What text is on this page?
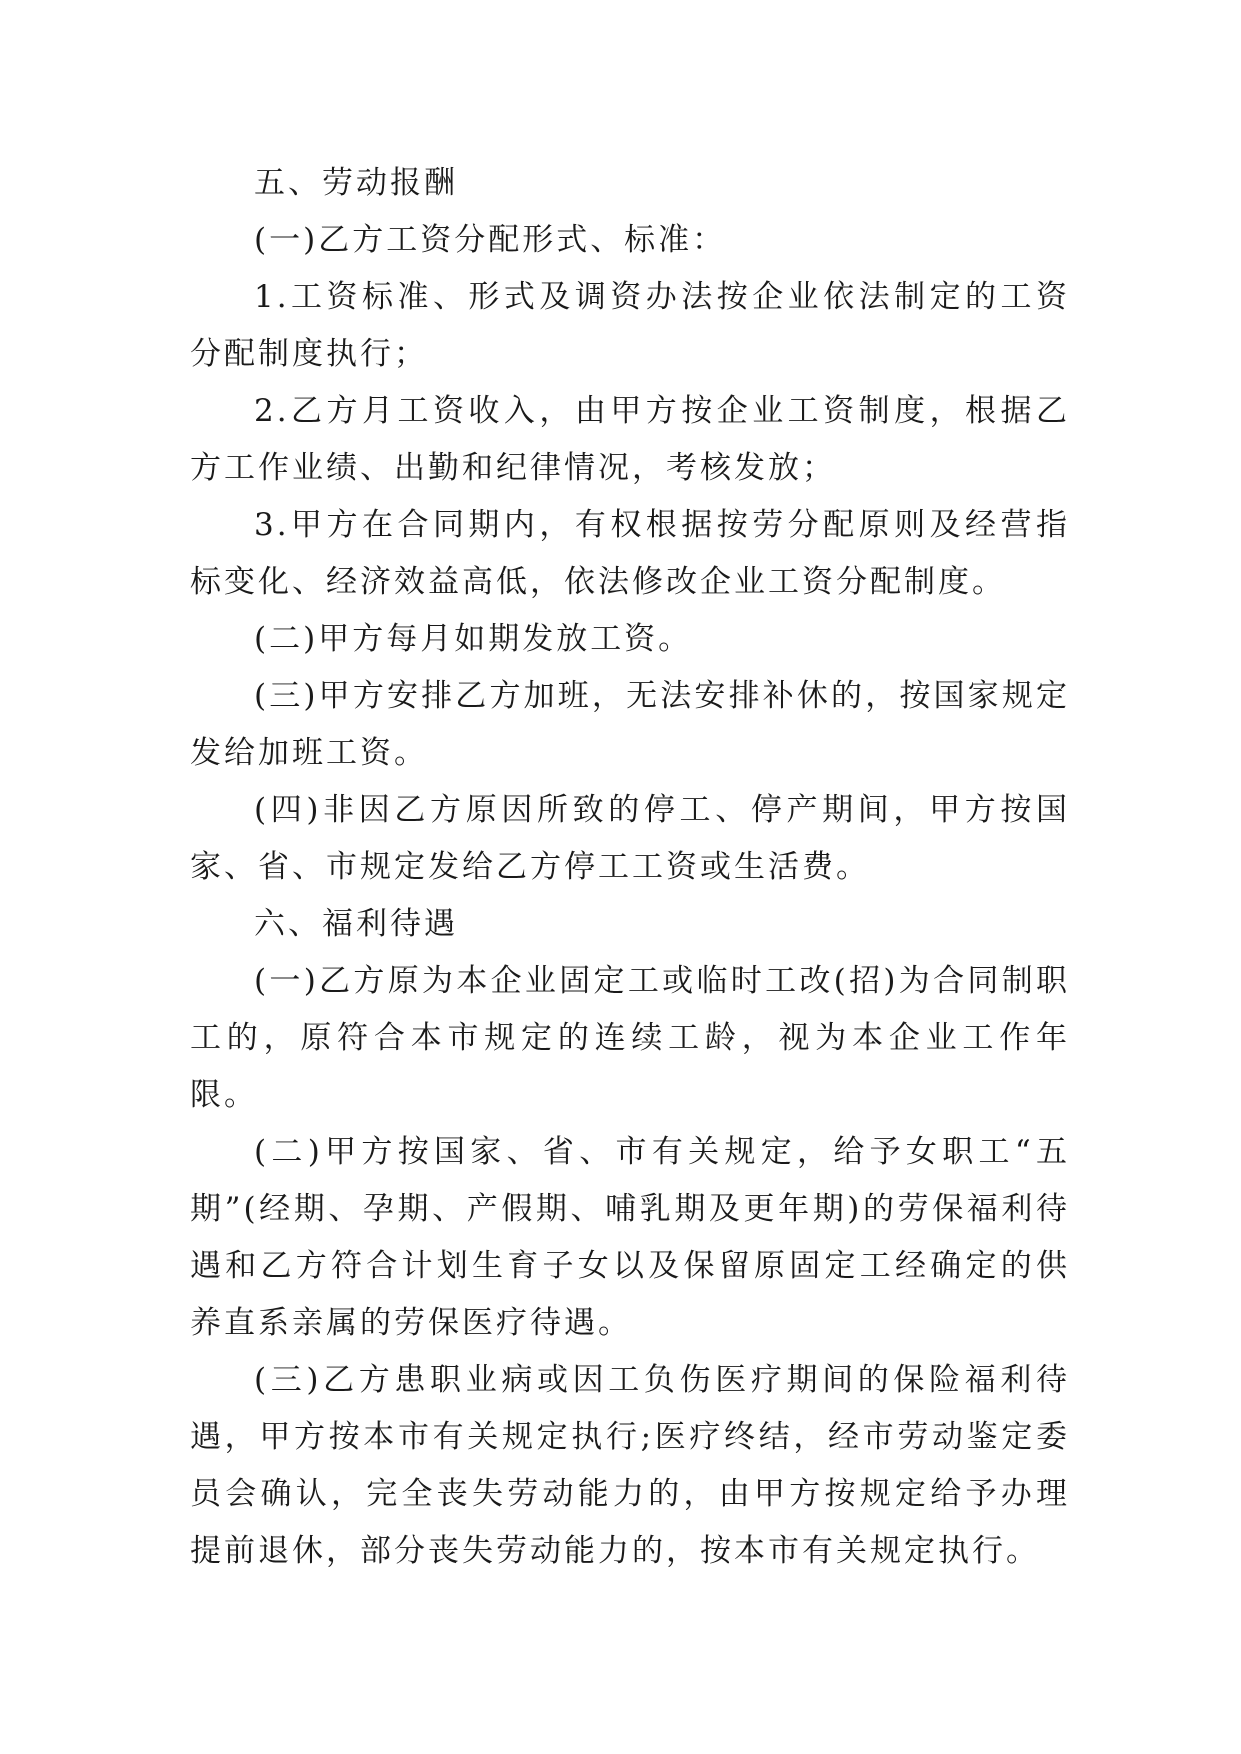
五、劳动报酬

(一)乙方工资分配形式、标准：

1.工资标准、形式及调资办法按企业依法制定的工资分配制度执行；

2.乙方月工资收入，由甲方按企业工资制度，根据乙方工作业绩、出勤和纪律情况，考核发放；

3.甲方在合同期内，有权根据按劳分配原则及经营指标变化、经济效益高低，依法修改企业工资分配制度。

(二)甲方每月如期发放工资。

(三)甲方安排乙方加班，无法安排补休的，按国家规定发给加班工资。

(四)非因乙方原因所致的停工、停产期间，甲方按国家、省、市规定发给乙方停工工资或生活费。

六、福利待遇

(一)乙方原为本企业固定工或临时工改(招)为合同制职工的，原符合本市规定的连续工龄，视为本企业工作年限。

(二)甲方按国家、省、市有关规定，给予女职工“五期”(经期、孕期、产假期、哺乳期及更年期)的劳保福利待遇和乙方符合计划生育子女以及保留原固定工经确定的供养直系亲属的劳保医疗待遇。

(三)乙方患职业病或因工负伤医疗期间的保险福利待遇，甲方按本市有关规定执行;医疗终结，经市劳动鉴定委员会确认，完全丧失劳动能力的，由甲方按规定给予办理提前退休，部分丧失劳动能力的，按本市有关规定执行。
